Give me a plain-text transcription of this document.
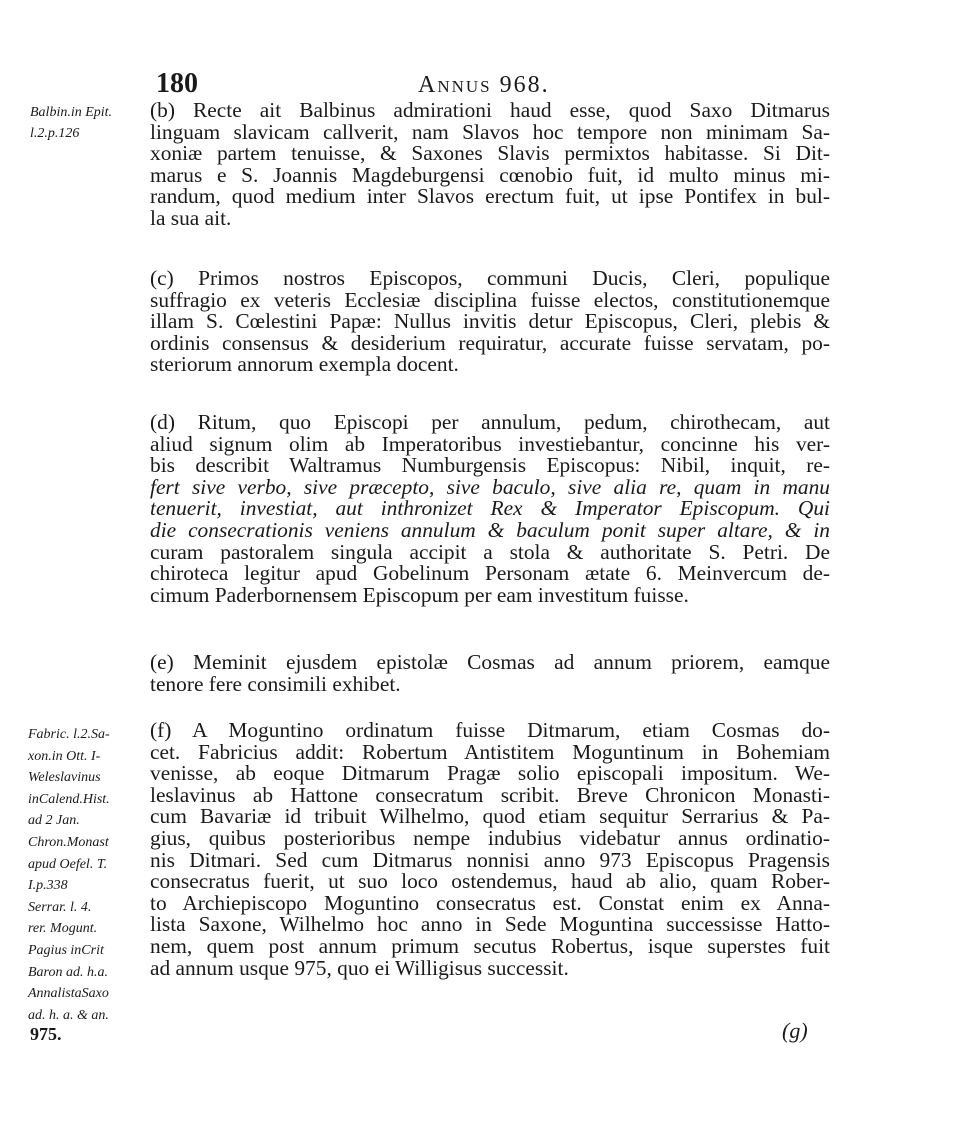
180	Annus 968.
Balbin.in Epit.
l.2.p.126
Fabric. l.2.Sa-
xon.in Ott. I-
Weleslavinus
inCalend.Hist.
ad 2 Jan.
Chron.Monast
apud Oefel. T.
I.p.338
Serrar. l. 4.
rer. Mogunt.
Pagius inCrit
Baron ad. h.a.
AnnalistaSaxo
ad. h. a. & an.
(b) Recte ait Balbinus admirationi haud esse, quod Saxo Ditmarus
linguam slavicam callverit, nam Slavos hoc tempore non minimam Sa-
xoniæ partem tenuisse, & Saxones Slavis permixtos habitasse. Si Dit-
marus e S. Joannis Magdeburgensi cœnobio fuit, id multo minus mi-
randum, quod medium inter Slavos erectum fuit, ut ipse Pontifex in bul-
la sua ait.
(c) Primos nostros Episcopos, communi Ducis, Cleri, populique
suffragio ex veteris Ecclesiæ disciplina fuisse electos, constitutionemque
illam S. Cœlestini Papæ: Nullus invitis detur Episcopus, Cleri, plebis &
ordinis consensus & desiderium requiratur, accurate fuisse servatam, po-
steriorum annorum exempla docent.
(d) Ritum, quo Episcopi per annulum, pedum, chirothecam, aut
aliud signum olim ab Imperatoribus investiebantur, concinne his ver-
bis describit Waltramus Numburgensis Episcopus: Nibil, inquit, re-
fert sive verbo, sive præcepto, sive baculo, sive alia re, quam in manu
tenuerit, investiat, aut inthronizet Rex & Imperator Episcopum. Qui
die consecrationis veniens annulum & baculum ponit super altare, & in
curam pastoralem singula accipit a stola & authoritate S. Petri. De
chiroteca legitur apud Gobelinum Personam ætate 6. Meinvercum de-
cimum Paderbornensem Episcopum per eam investitum fuisse.
(e) Meminit ejusdem epistolæ Cosmas ad annum priorem, eamque
tenore fere consimili exhibet.
(f) A Moguntino ordinatum fuisse Ditmarum, etiam Cosmas do-
cet. Fabricius addit: Robertum Antistitem Moguntinum in Bohemiam
venisse, ab eoque Ditmarum Pragæ solio episcopali impositum. We-
leslavinus ab Hattone consecratum scribit. Breve Chronicon Monasti-
cum Bavariæ id tribuit Wilhelmo, quod etiam sequitur Serrarius & Pa-
gius, quibus posterioribus nempe indubius videbatur annus ordinatio-
nis Ditmari. Sed cum Ditmarus nonnisi anno 973 Episcopus Pragensis
consecratus fuerit, ut suo loco ostendemus, haud ab alio, quam Rober-
to Archiepiscopo Moguntino consecratus est. Constat enim ex Anna-
lista Saxone, Wilhelmo hoc anno in Sede Moguntina successisse Hatto-
nem, quem post annum primum secutus Robertus, isque superstes fuit
ad annum usque 975, quo ei Willigisus successit.
975.	(g)
